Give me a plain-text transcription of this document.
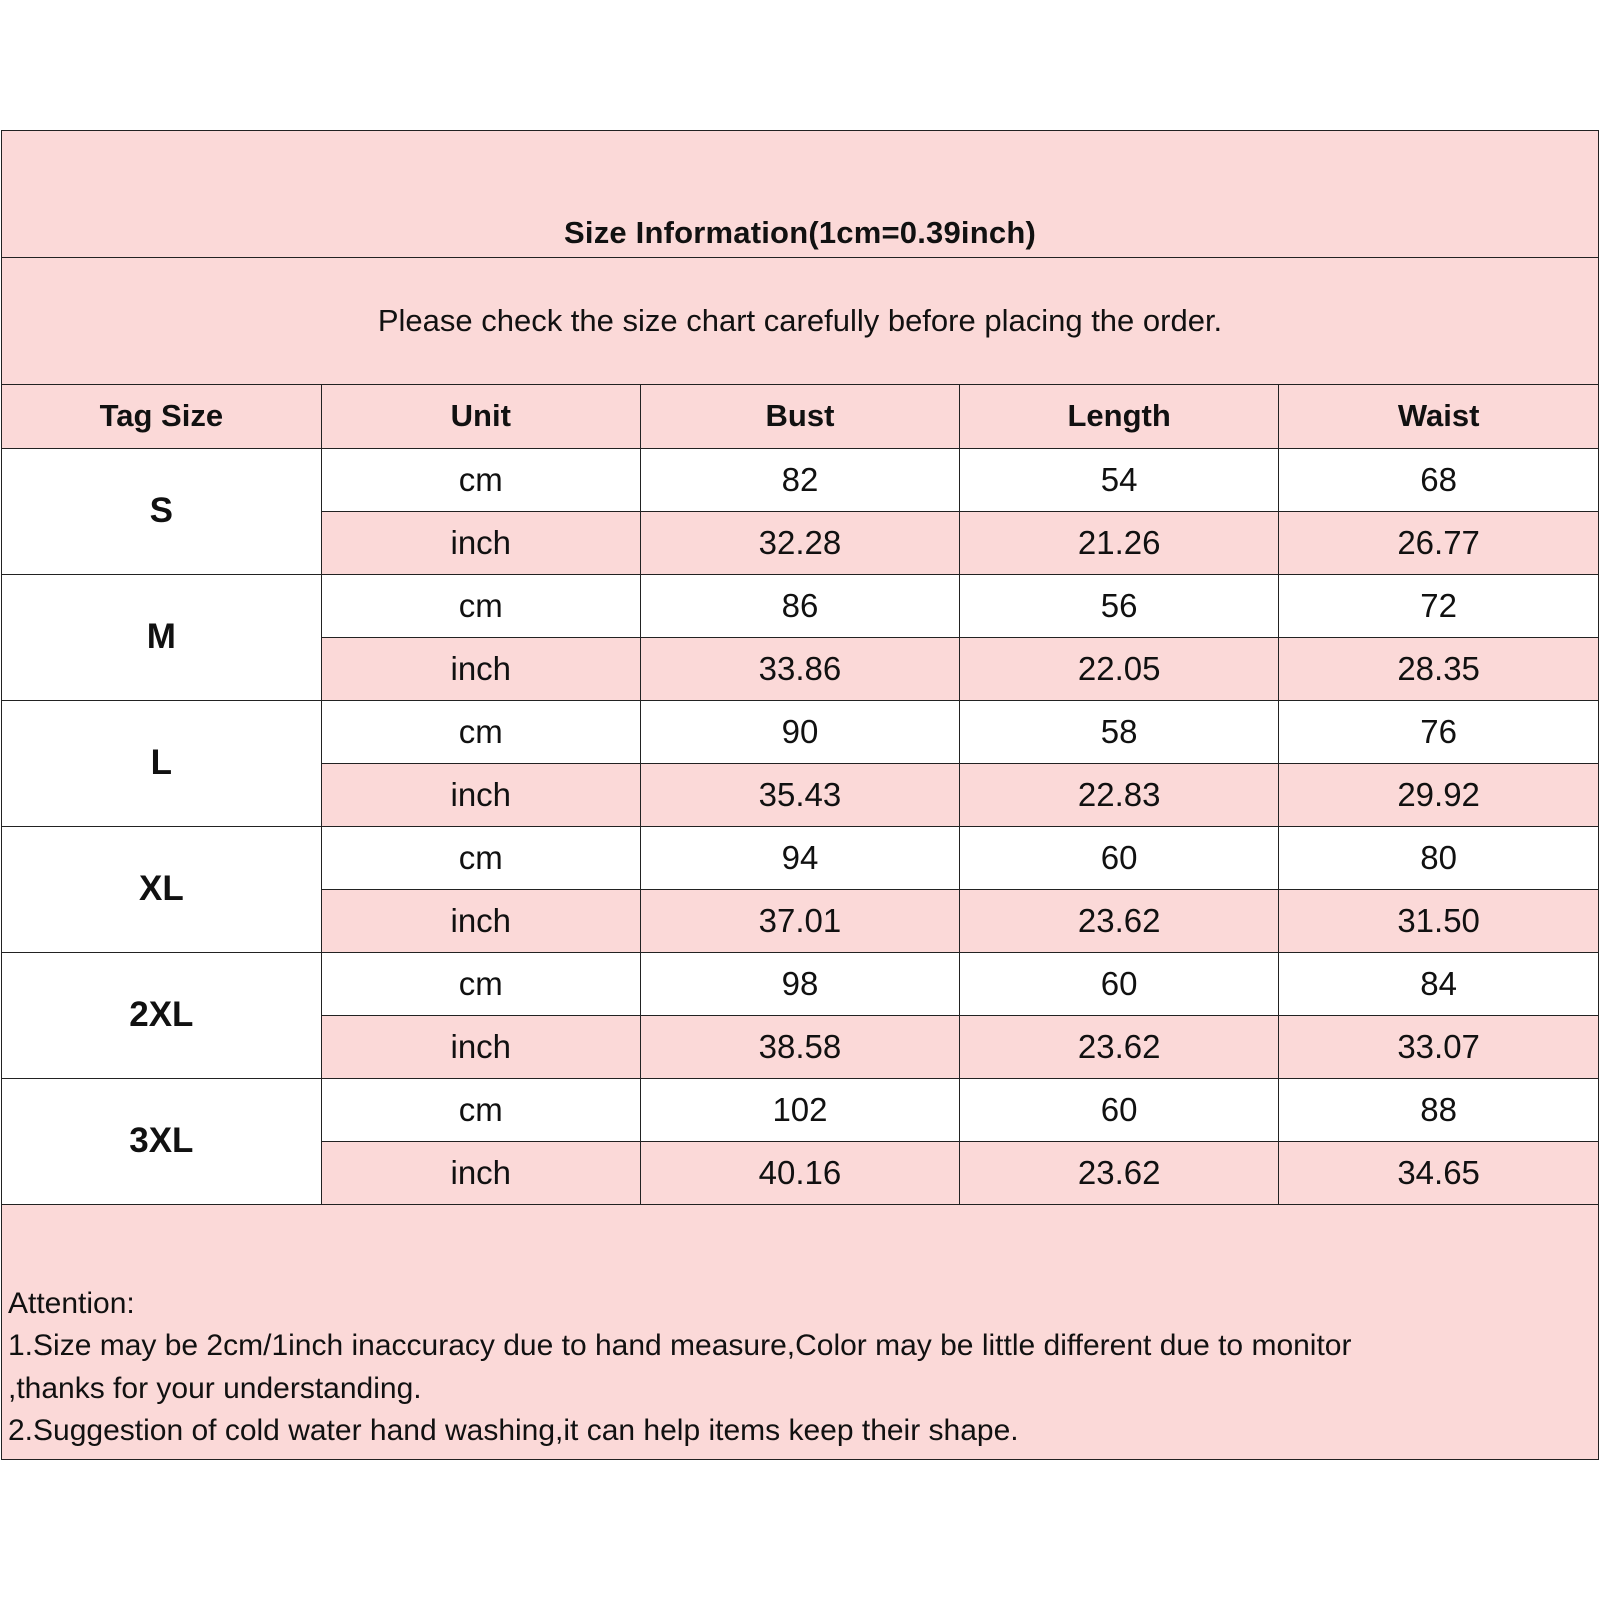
Size Information(1cm=0.39inch)
Please check the size chart carefully before placing the order.
Tag Size	Unit	Bust	Length	Waist
S	cm	82	54	68
	inch	32.28	21.26	26.77
M	cm	86	56	72
	inch	33.86	22.05	28.35
L	cm	90	58	76
	inch	35.43	22.83	29.92
XL	cm	94	60	80
	inch	37.01	23.62	31.50
2XL	cm	98	60	84
	inch	38.58	23.62	33.07
3XL	cm	102	60	88
	inch	40.16	23.62	34.65
Attention:
1.Size may be 2cm/1inch inaccuracy due to hand measure,Color may be little different due to monitor
,thanks for your understanding.
2.Suggestion of cold water hand washing,it can help items keep their shape.
